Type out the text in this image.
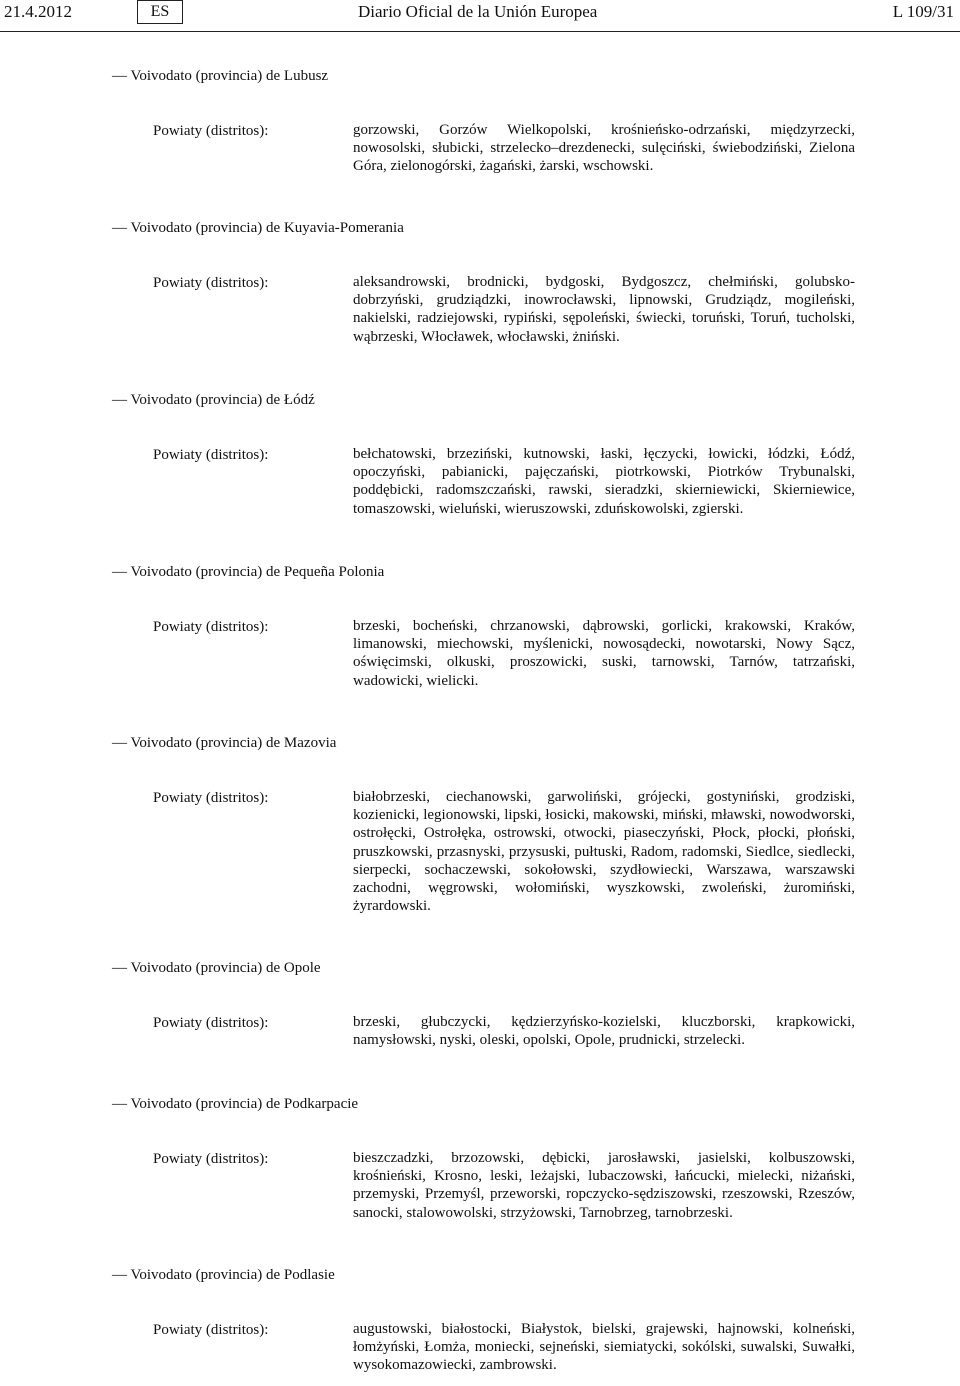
21.4.2012	ES	Diario Oficial de la Unión Europea	L 109/31
— Voivodato (provincia) de Lubusz
Powiaty (distritos):	gorzowski, Gorzów Wielkopolski, krośnieńsko-odrzański, międzyrzecki, nowosolski, słubicki, strzelecko–drezdenecki, sulęciński, świebodziński, Zielona Góra, zielonogórski, żagański, żarski, wschowski.
— Voivodato (provincia) de Kuyavia-Pomerania
Powiaty (distritos):	aleksandrowski, brodnicki, bydgoski, Bydgoszcz, chełmiński, golubsko-dobrzyński, grudziądzki, inowrocławski, lipnowski, Grudziądz, mogileński, nakielski, radziejowski, rypiński, sępoleński, świecki, toruński, Toruń, tucholski, wąbrzeski, Włocławek, włocławski, żniński.
— Voivodato (provincia) de Łódź
Powiaty (distritos):	bełchatowski, brzeziński, kutnowski, łaski, łęczycki, łowicki, łódzki, Łódź, opoczyński, pabianicki, pajęczański, piotrkowski, Piotrków Trybunalski, poddębicki, radomszczański, rawski, sieradzki, skierniewicki, Skierniewice, tomaszowski, wieluński, wieruszowski, zduńskowolski, zgierski.
— Voivodato (provincia) de Pequeña Polonia
Powiaty (distritos):	brzeski, bocheński, chrzanowski, dąbrowski, gorlicki, krakowski, Kraków, limanowski, miechowski, myślenicki, nowosądecki, nowotarski, Nowy Sącz, oświęcimski, olkuski, proszowicki, suski, tarnowski, Tarnów, tatrzański, wadowicki, wielicki.
— Voivodato (provincia) de Mazovia
Powiaty (distritos):	białobrzeski, ciechanowski, garwoliński, grójecki, gostyniński, grodziski, kozienicki, legionowski, lipski, łosicki, makowski, miński, mławski, nowodworski, ostrołęcki, Ostrołęka, ostrowski, otwocki, piaseczyński, Płock, płocki, płoński, pruszkowski, przasnyski, przysuski, pułtuski, Radom, radomski, Siedlce, siedlecki, sierpecki, sochaczewski, sokołowski, szydłowiecki, Warszawa, warszawski zachodni, węgrowski, wołomiński, wyszkowski, zwoleński, żuromiński, żyrardowski.
— Voivodato (provincia) de Opole
Powiaty (distritos):	brzeski, głubczycki, kędzierzyńsko-kozielski, kluczborski, krapkowicki, namysłowski, nyski, oleski, opolski, Opole, prudnicki, strzelecki.
— Voivodato (provincia) de Podkarpacie
Powiaty (distritos):	bieszczadzki, brzozowski, dębicki, jarosławski, jasielski, kolbuszowski, krośnieński, Krosno, leski, leżajski, lubaczowski, łańcucki, mielecki, niżański, przemyski, Przemyśl, przeworski, ropczycko-sędziszowski, rzeszowski, Rzeszów, sanocki, stalowowolski, strzyżowski, Tarnobrzeg, tarnobrzeski.
— Voivodato (provincia) de Podlasie
Powiaty (distritos):	augustowski, białostocki, Białystok, bielski, grajewski, hajnowski, kolneński, łomżyński, Łomża, moniecki, sejneński, siemiatycki, sokólski, suwalski, Suwałki, wysokomazowiecki, zambrowski.
